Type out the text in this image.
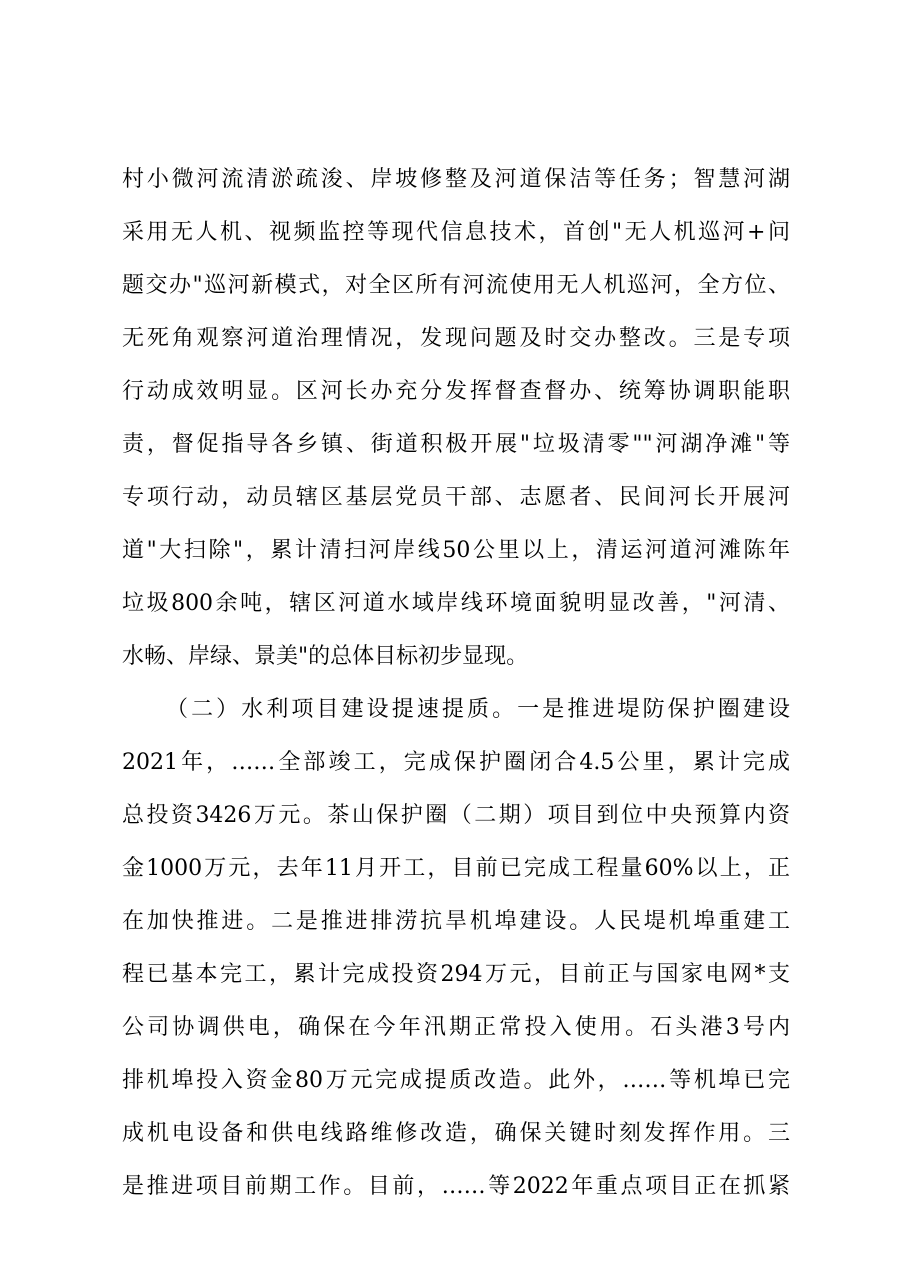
村小微河流清淤疏浚、岸坡修整及河道保洁等任务；智慧河湖
采用无人机、视频监控等现代信息技术，首创"无人机巡河+问
题交办"巡河新模式，对全区所有河流使用无人机巡河，全方位、
无死角观察河道治理情况，发现问题及时交办整改。三是专项
行动成效明显。区河长办充分发挥督查督办、统筹协调职能职
责，督促指导各乡镇、街道积极开展"垃圾清零""河湖净滩"等
专项行动，动员辖区基层党员干部、志愿者、民间河长开展河
道"大扫除"，累计清扫河岸线50公里以上，清运河道河滩陈年
垃圾800余吨，辖区河道水域岸线环境面貌明显改善，"河清、
水畅、岸绿、景美"的总体目标初步显现。
（二）水利项目建设提速提质。一是推进堤防保护圈建设
2021年，……全部竣工，完成保护圈闭合4.5公里，累计完成
总投资3426万元。茶山保护圈（二期）项目到位中央预算内资
金1000万元，去年11月开工，目前已完成工程量60%以上，正
在加快推进。二是推进排涝抗旱机埠建设。人民堤机埠重建工
程已基本完工，累计完成投资294万元，目前正与国家电网*支
公司协调供电，确保在今年汛期正常投入使用。石头港3号内
排机埠投入资金80万元完成提质改造。此外，……等机埠已完
成机电设备和供电线路维修改造，确保关键时刻发挥作用。三
是推进项目前期工作。目前，……等2022年重点项目正在抓紧
